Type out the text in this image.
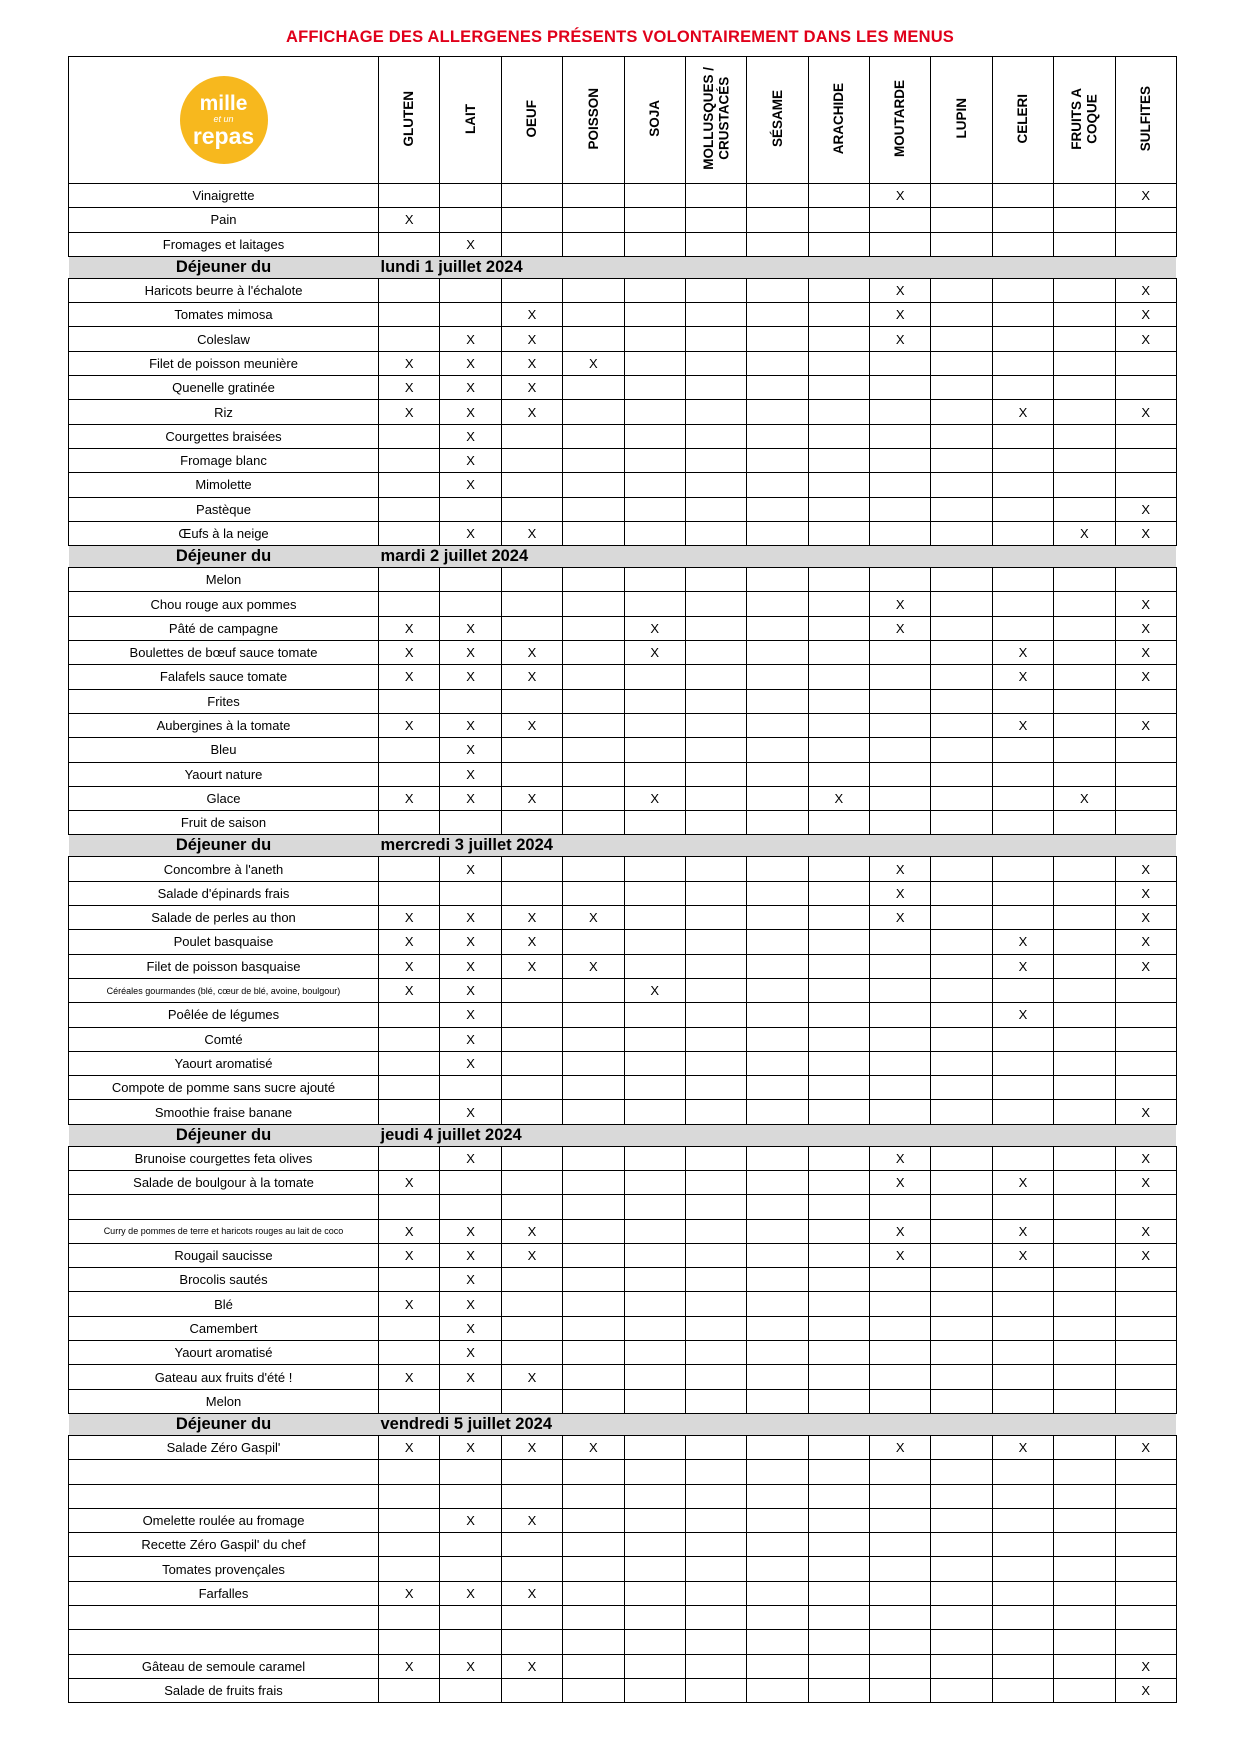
AFFICHAGE DES ALLERGENES PRÉSENTS VOLONTAIREMENT DANS LES MENUS
mille
et un
repas	GLUTEN	LAIT	OEUF	POISSON	SOJA	MOLLUSQUES /
CRUSTACÉS	SÉSAME	ARACHIDE	MOUTARDE	LUPIN	CELERI	FRUITS A
COQUE	SULFITES
Vinaigrette									X				X
Pain	X												
Fromages et laitages		X											
Déjeuner du	lundi 1 juillet 2024												
Haricots beurre à l'échalote									X				X
Tomates mimosa			X						X				X
Coleslaw		X	X						X				X
Filet de poisson meunière	X	X	X	X									
Quenelle gratinée	X	X	X										
Riz	X	X	X								X		X
Courgettes braisées		X											
Fromage blanc		X											
Mimolette		X											
Pastèque													X
Œufs à la neige		X	X									X	X
Déjeuner du	mardi 2 juillet 2024												
Melon													
Chou rouge aux pommes									X				X
Pâté de campagne	X	X			X				X				X
Boulettes de bœuf sauce tomate	X	X	X		X						X		X
Falafels sauce tomate	X	X	X								X		X
Frites													
Aubergines à la tomate	X	X	X								X		X
Bleu		X											
Yaourt nature		X											
Glace	X	X	X		X			X				X	
Fruit de saison													
Déjeuner du	mercredi 3 juillet 2024												
Concombre à l'aneth		X							X				X
Salade d'épinards frais									X				X
Salade de perles au thon	X	X	X	X					X				X
Poulet basquaise	X	X	X								X		X
Filet de poisson basquaise	X	X	X	X							X		X
Céréales gourmandes (blé, cœur de blé, avoine, boulgour)	X	X			X								
Poêlée de légumes		X									X		
Comté		X											
Yaourt aromatisé		X											
Compote de pomme sans sucre ajouté													
Smoothie fraise banane		X											X
Déjeuner du	jeudi 4 juillet 2024												
Brunoise courgettes feta olives		X							X				X
Salade de boulgour à la tomate	X								X		X		X

Curry de pommes de terre et haricots rouges au lait de coco	X	X	X						X		X		X
Rougail saucisse	X	X	X						X		X		X
Brocolis sautés		X											
Blé	X	X											
Camembert		X											
Yaourt aromatisé		X											
Gateau aux fruits d'été !	X	X	X										
Melon													
Déjeuner du	vendredi 5 juillet 2024												
Salade Zéro Gaspil'	X	X	X	X					X		X		X

Omelette roulée au fromage		X	X										
Recette Zéro Gaspil' du chef													
Tomates provençales													
Farfalles	X	X	X										

Gâteau de semoule caramel	X	X	X										X
Salade de fruits frais													X
